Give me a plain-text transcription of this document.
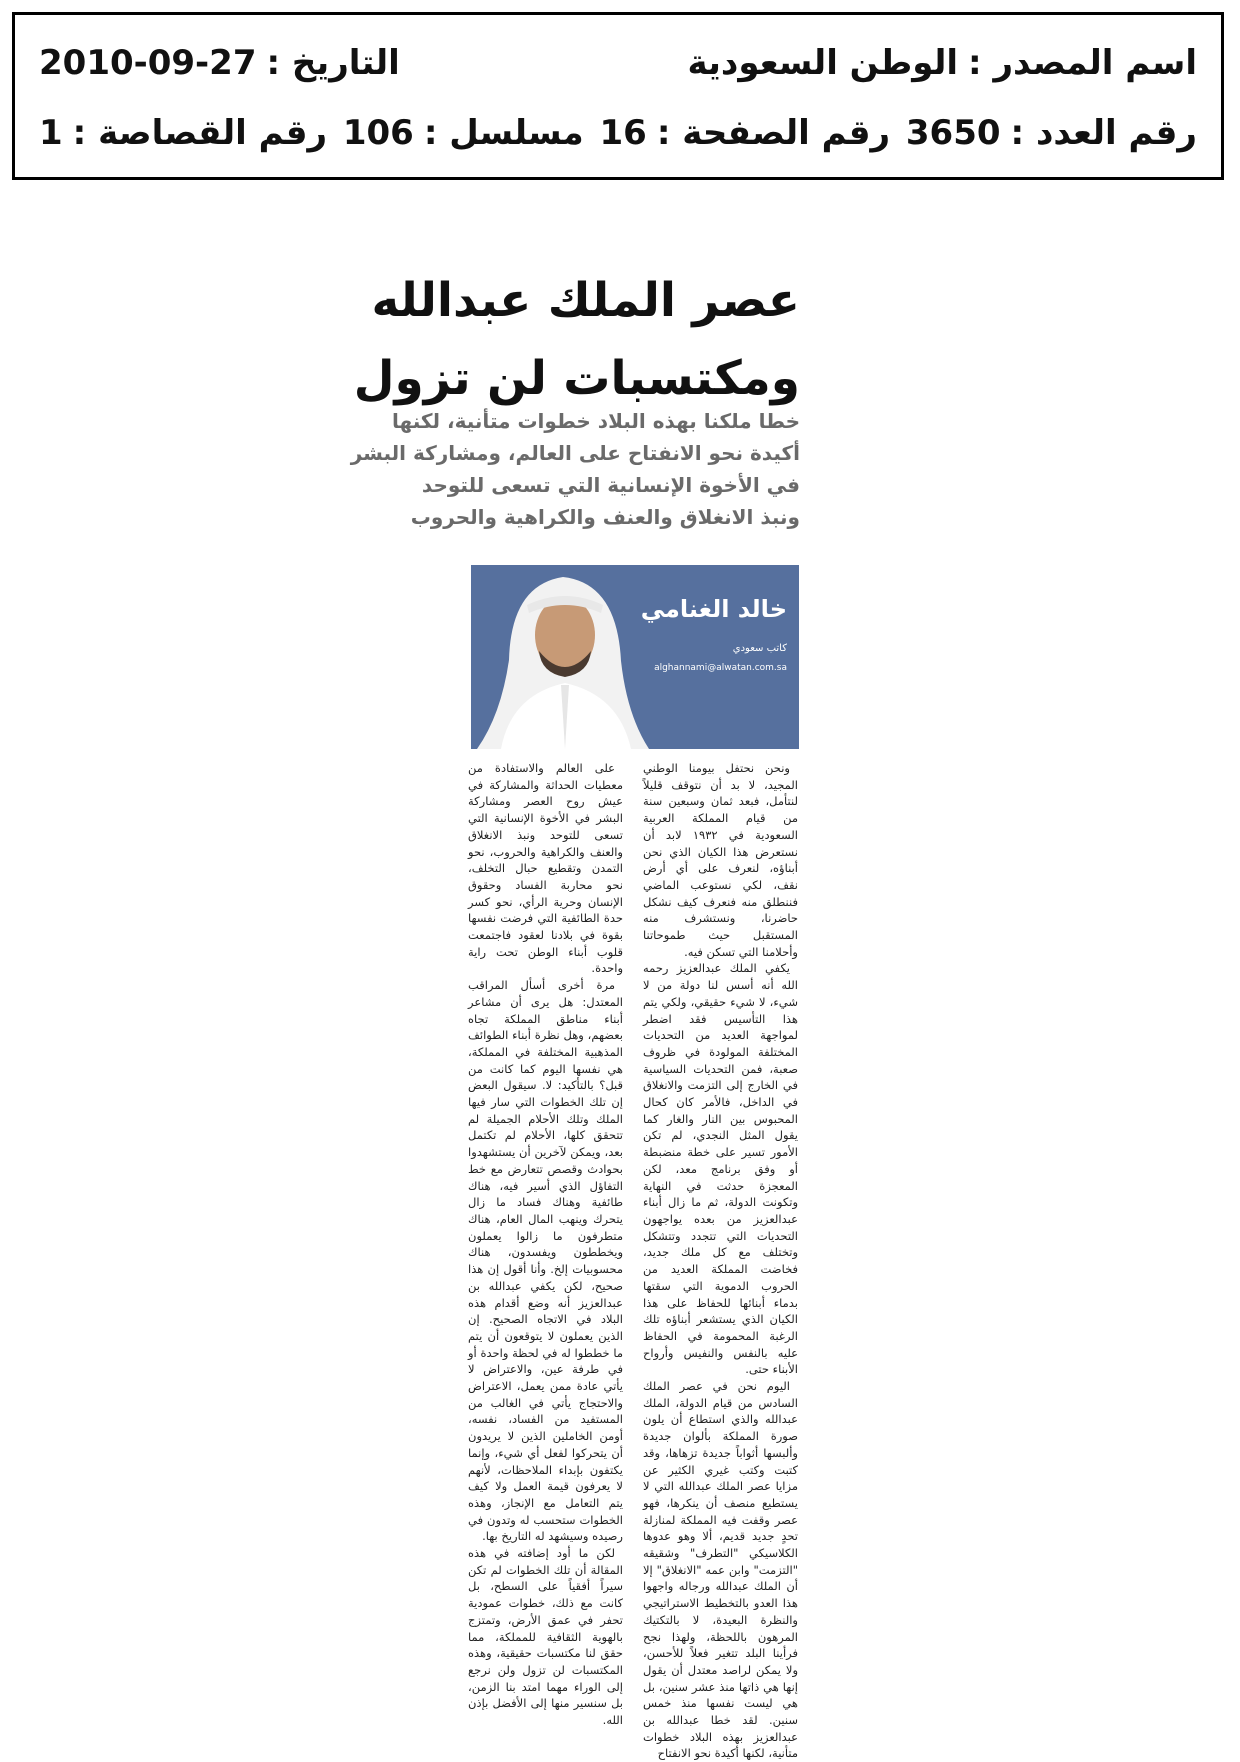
اسم المصدر :
الوطن السعودية
التاريخ :
2010-09-27
رقم العدد :
3650
رقم الصفحة :
16
مسلسل :
106
رقم القصاصة :
1
عصر الملك عبدالله
ومكتسبات لن تزول
خطا ملكنا بهذه البلاد خطوات متأنية، لكنها
أكيدة نحو الانفتاح على العالم، ومشاركة البشر
في الأخوة الإنسانية التي تسعى للتوحد
ونبذ الانغلاق والعنف والكراهية والحروب
خالد الغنامي
كاتب سعودي
alghannami@alwatan.com.sa

ونحن نحتفل بيومنا الوطني المجيد، لا بد أن نتوقف قليلاً لنتأمل، فبعد ثمان وسبعين سنة من قيام المملكة العربية السعودية في ١٩٣٢ لابد أن نستعرض هذا الكيان الذي نحن أبناؤه، لنعرف على أي أرض نقف، لكي نستوعب الماضي فننطلق منه فنعرف كيف نشكل حاضرنا، ونستشرف منه المستقبل حيث طموحاتنا وأحلامنا التي تسكن فيه.

يكفي الملك عبدالعزيز رحمه الله أنه أسس لنا دولة من لا شيء، لا شيء حقيقي، ولكي يتم هذا التأسيس فقد اضطر لمواجهة العديد من التحديات المختلفة المولودة في ظروف صعبة، فمن التحديات السياسية في الخارج إلى التزمت والانغلاق في الداخل، فالأمر كان كحال المحبوس بين النار والغار كما يقول المثل النجدي، لم تكن الأمور تسير على خطة منضبطة أو وفق برنامج معد، لكن المعجزة حدثت في النهاية وتكونت الدولة، ثم ما زال أبناء عبدالعزيز من بعده يواجهون التحديات التي تتجدد وتتشكل وتختلف مع كل ملك جديد، فخاضت المملكة العديد من الحروب الدموية التي سقتها بدماء أبنائها للحفاظ على هذا الكيان الذي يستشعر أبناؤه تلك الرغبة المحمومة في الحفاظ عليه بالنفس والنفيس وأرواح الأبناء حتى.

اليوم نحن في عصر الملك السادس من قيام الدولة، الملك عبدالله والذي استطاع أن يلون صورة المملكة بألوان جديدة وألبسها أثواباً جديدة تزهاها، وقد كتبت وكتب غيري الكثير عن مزايا عصر الملك عبدالله التي لا يستطيع منصف أن ينكرها، فهو عصر وقفت فيه المملكة لمنازلة تحدٍ جديد قديم، ألا وهو عدوها الكلاسيكي "التطرف" وشقيقه "التزمت" وابن عمه "الانغلاق" إلا أن الملك عبدالله ورجاله واجهوا هذا العدو بالتخطيط الاستراتيجي والنظرة البعيدة، لا بالتكتيك المرهون باللحظة، ولهذا نجح فرأينا البلد تتغير فعلاً للأحسن، ولا يمكن لراصد معتدل أن يقول إنها هي ذاتها منذ عشر سنين، بل هي ليست نفسها منذ خمس سنين. لقد خطا عبدالله بن عبدالعزيز بهذه البلاد خطوات متأنية، لكنها أكيدة نحو الانفتاح

على العالم والاستفادة من معطيات الحداثة والمشاركة في عيش روح العصر ومشاركة البشر في الأخوة الإنسانية التي تسعى للتوحد ونبذ الانغلاق والعنف والكراهية والحروب، نحو التمدن وتقطيع حبال التخلف، نحو محاربة الفساد وحقوق الإنسان وحرية الرأي، نحو كسر حدة الطائفية التي فرضت نفسها بقوة في بلادنا لعقود فاجتمعت قلوب أبناء الوطن تحت راية واحدة.

مرة أخرى أسأل المراقب المعتدل: هل يرى أن مشاعر أبناء مناطق المملكة تجاه بعضهم، وهل نظرة أبناء الطوائف المذهبية المختلفة في المملكة، هي نفسها اليوم كما كانت من قبل؟ بالتأكيد: لا. سيقول البعض إن تلك الخطوات التي سار فيها الملك وتلك الأحلام الجميلة لم تتحقق كلها، الأحلام لم تكتمل بعد، ويمكن لآخرين أن يستشهدوا بحوادث وقصص تتعارض مع خط التفاؤل الذي أسير فيه، هناك طائفية وهناك فساد ما زال يتحرك وينهب المال العام، هناك متطرفون ما زالوا يعملون ويخططون ويفسدون، هناك محسوبيات إلخ. وأنا أقول إن هذا صحيح، لكن يكفي عبدالله بن عبدالعزيز أنه وضع أقدام هذه البلاد في الاتجاه الصحيح. إن الذين يعملون لا يتوقعون أن يتم ما خططوا له في لحظة واحدة أو في طرفة عين، والاعتراض لا يأتي عادة ممن يعمل، الاعتراض والاحتجاج يأتي في الغالب من المستفيد من الفساد، نفسه، أومن الخاملين الذين لا يريدون أن يتحركوا لفعل أي شيء، وإنما يكتفون بإبداء الملاحظات، لأنهم لا يعرفون قيمة العمل ولا كيف يتم التعامل مع الإنجاز، وهذه الخطوات ستحسب له وتدون في رصيده وسيشهد له التاريخ بها.

لكن ما أود إضافته في هذه المقالة أن تلك الخطوات لم تكن سيراً أفقياً على السطح، بل كانت مع ذلك، خطوات عمودية تحفر في عمق الأرض، وتمتزج بالهوية الثقافية للمملكة، مما حقق لنا مكتسبات حقيقية، وهذه المكتسبات لن تزول ولن نرجع إلى الوراء مهما امتد بنا الزمن، بل سنسير منها إلى الأفضل بإذن الله.
